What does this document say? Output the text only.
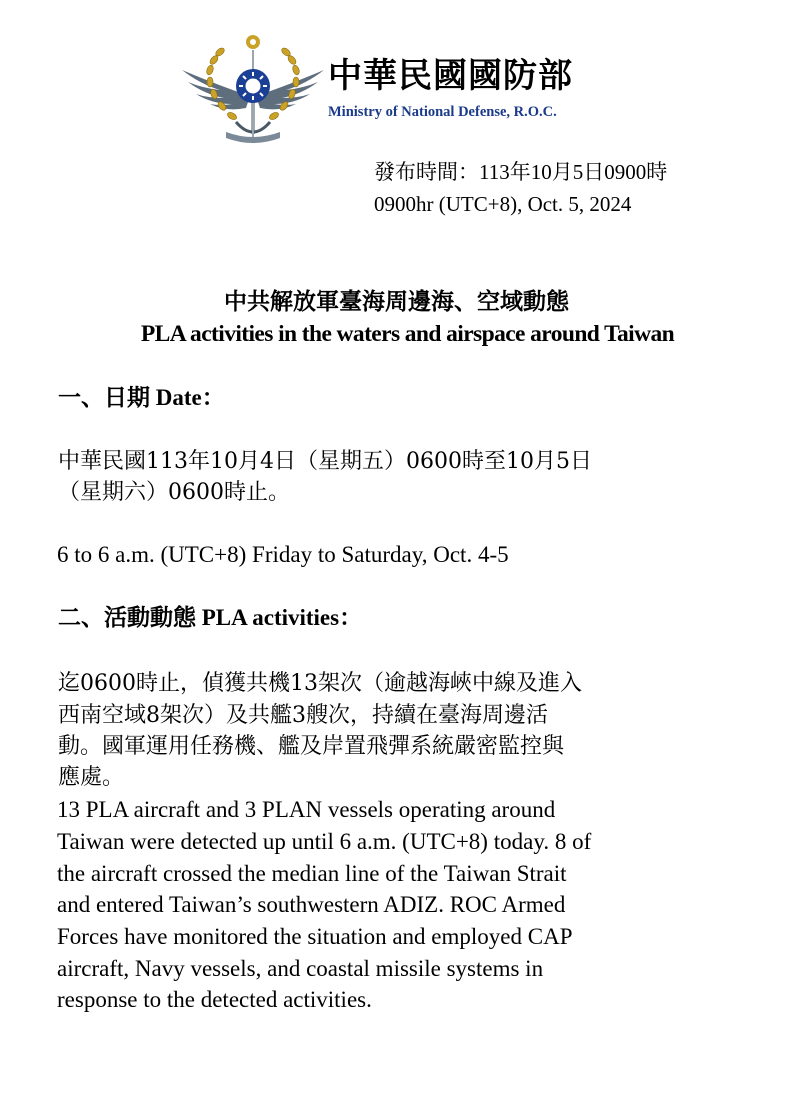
中華民國國防部
Ministry of National Defense, R.O.C.
發布時間：113年10月5日0900時
0900hr (UTC+8), Oct. 5, 2024
中共解放軍臺海周邊海、空域動態
PLA activities in the waters and airspace around Taiwan
一、日期 Date：
中華民國113年10月4日（星期五）0600時至10月5日
（星期六）0600時止。
6 to 6 a.m. (UTC+8) Friday to Saturday, Oct. 4-5
二、活動動態 PLA activities：
迄0600時止，偵獲共機13架次（逾越海峽中線及進入
西南空域8架次）及共艦3艘次，持續在臺海周邊活
動。國軍運用任務機、艦及岸置飛彈系統嚴密監控與
應處。
13 PLA aircraft and 3 PLAN vessels operating around
Taiwan were detected up until 6 a.m. (UTC+8) today. 8 of
the aircraft crossed the median line of the Taiwan Strait
and entered Taiwan’s southwestern ADIZ. ROC Armed
Forces have monitored the situation and employed CAP
aircraft, Navy vessels, and coastal missile systems in
response to the detected activities.
